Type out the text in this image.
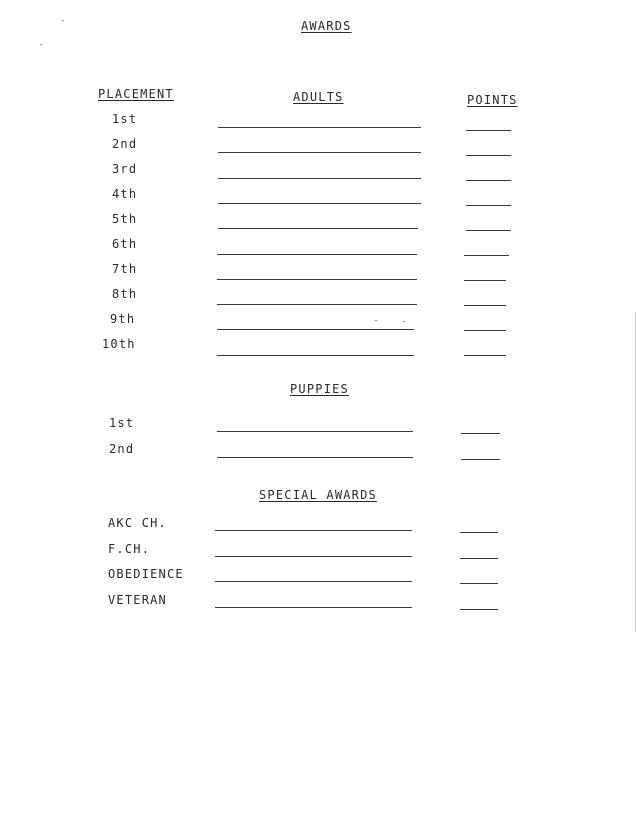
AWARDS
PLACEMENT	ADULTS	POINTS
1st
2nd
3rd
4th
5th
6th
7th
8th
9th
10th
PUPPIES
1st
2nd
SPECIAL AWARDS
AKC CH.
F.CH.
OBEDIENCE
VETERAN
